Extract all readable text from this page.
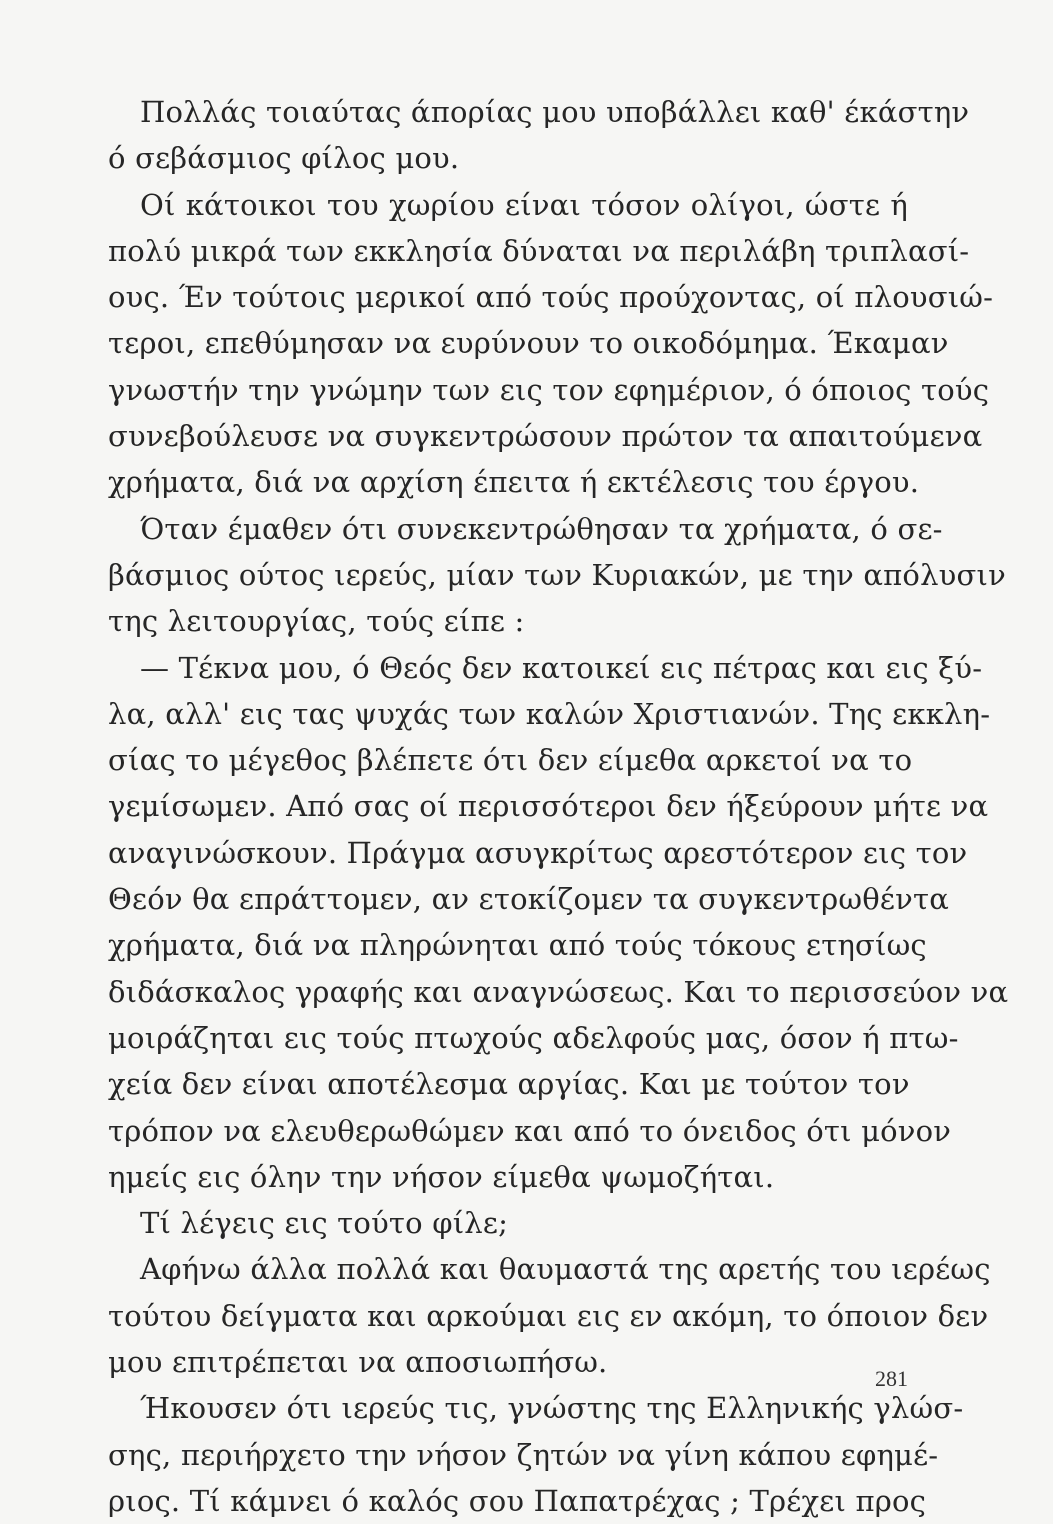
Πολλάς τοιαύτας άπορίας μου υποβάλλει καθ' έκάστην
ό σεβάσμιος φίλος μου.
Οί κάτοικοι του χωρίου είναι τόσον ολίγοι, ώστε ή
πολύ μικρά των εκκλησία δύναται να περιλάβη τριπλασί-
ους. Έν τούτοις μερικοί από τούς προύχοντας, οί πλουσιώ-
τεροι, επεθύμησαν να ευρύνουν το οικοδόμημα. Έκαμαν
γνωστήν την γνώμην των εις τον εφημέριον, ό όποιος τούς
συνεβούλευσε να συγκεντρώσουν πρώτον τα απαιτούμενα
χρήματα, διά να αρχίση έπειτα ή εκτέλεσις του έργου.
Όταν έμαθεν ότι συνεκεντρώθησαν τα χρήματα, ό σε-
βάσμιος ούτος ιερεύς, μίαν των Κυριακών, με την απόλυσιν
της λειτουργίας, τούς είπε :
— Τέκνα μου, ό Θεός δεν κατοικεί εις πέτρας και εις ξύ-
λα, αλλ' εις τας ψυχάς των καλών Χριστιανών. Της εκκλη-
σίας το μέγεθος βλέπετε ότι δεν είμεθα αρκετοί να το
γεμίσωμεν. Από σας οί περισσότεροι δεν ήξεύρουν μήτε να
αναγινώσκουν. Πράγμα ασυγκρίτως αρεστότερον εις τον
Θεόν θα επράττομεν, αν ετοκίζομεν τα συγκεντρωθέντα
χρήματα, διά να πληρώνηται από τούς τόκους ετησίως
διδάσκαλος γραφής και αναγνώσεως. Και το περισσεύον να
μοιράζηται εις τούς πτωχούς αδελφούς μας, όσον ή πτω-
χεία δεν είναι αποτέλεσμα αργίας. Και με τούτον τον
τρόπον να ελευθερωθώμεν και από το όνειδος ότι μόνον
ημείς εις όλην την νήσον είμεθα ψωμοζήται.
Τί λέγεις εις τούτο φίλε;
Αφήνω άλλα πολλά και θαυμαστά της αρετής του ιερέως
τούτου δείγματα και αρκούμαι εις εν ακόμη, το όποιον δεν
μου επιτρέπεται να αποσιωπήσω.
Ήκουσεν ότι ιερεύς τις, γνώστης της Ελληνικής γλώσ-
σης, περιήρχετο την νήσον ζητών να γίνη κάπου εφημέ-
ριος. Τί κάμνει ό καλός σου Παπατρέχας ; Τρέχει προς
281
